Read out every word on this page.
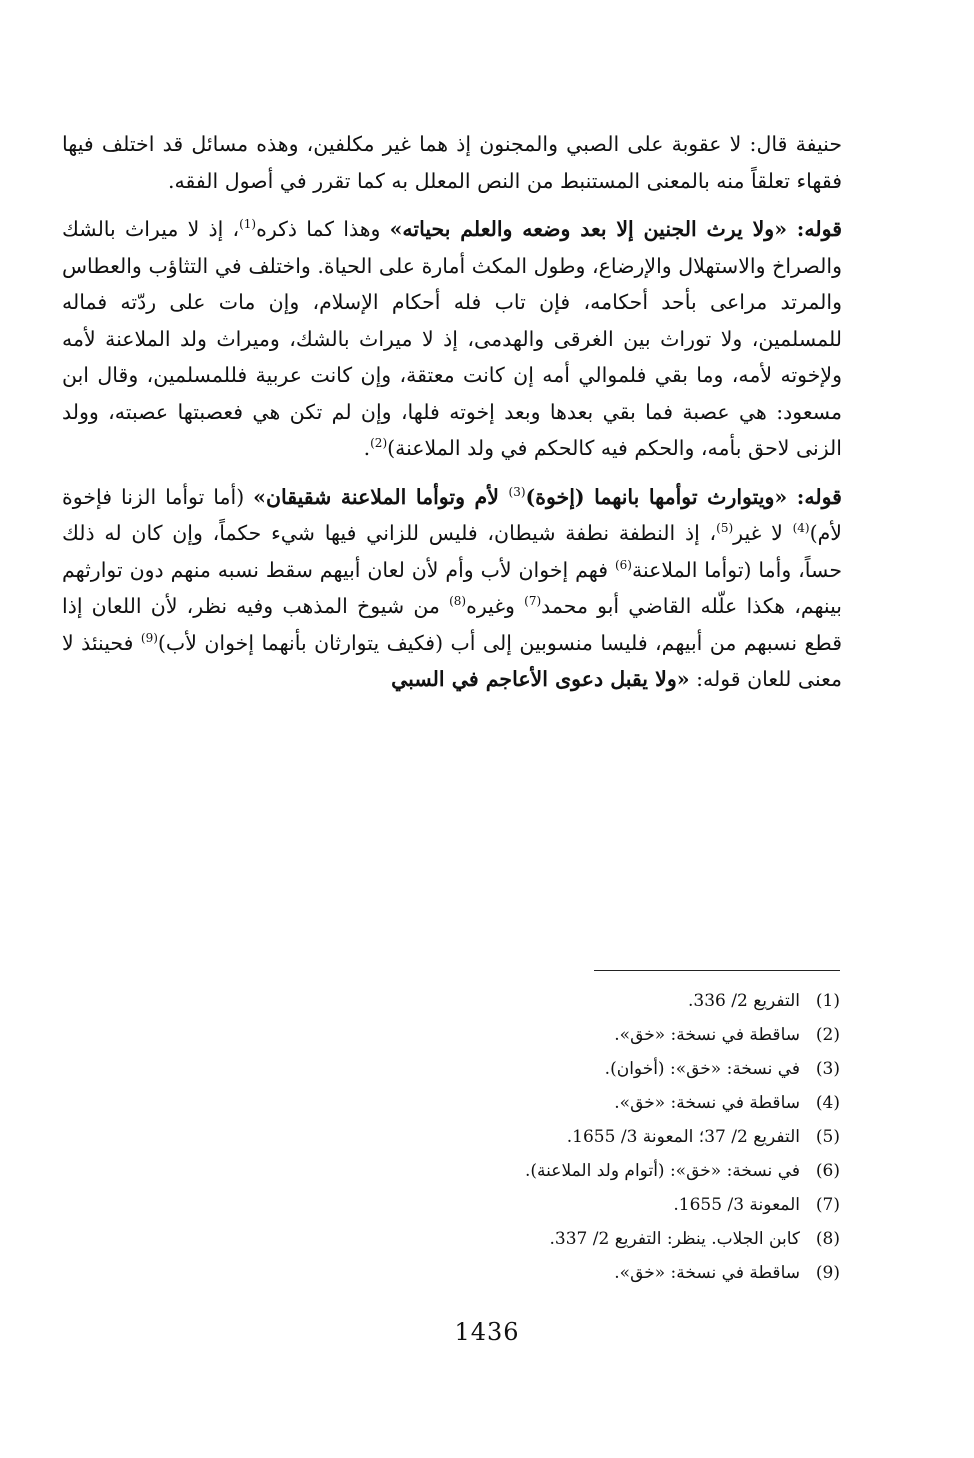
حنيفة قال: لا عقوبة على الصبي والمجنون إذ هما غير مكلفين، وهذه مسائل قد اختلف فيها فقهاء تعلقاً منه بالمعنى المستنبط من النص المعلل به كما تقرر في أصول الفقه.

قوله: «ولا يرث الجنين إلا بعد وضعه والعلم بحياته» وهذا كما ذكره$^{(1)}$، إذ لا ميراث بالشك والصراخ والاستهلال والإرضاع، وطول المكث أمارة على الحياة. واختلف في التثاؤب والعطاس والمرتد مراعى بأحد أحكامه، فإن تاب فله أحكام الإسلام، وإن مات على ردّته فماله للمسلمين، ولا توراث بين الغرقى والهدمى، إذ لا ميراث بالشك، وميراث ولد الملاعنة لأمه ولإخوته لأمه، وما بقي فلموالي أمه إن كانت معتقة، وإن كانت عربية فللمسلمين، وقال ابن مسعود: هي عصبة فما بقي بعدها وبعد إخوته فلها، وإن لم تكن هي فعصبتها عصبته، وولد الزنى لاحق بأمه، والحكم فيه كالحكم في ولد الملاعنة)$^{(2)}$.

قوله: «ويتوارث توأمها بانهما (إخوة)$^{(3)}$ لأم وتوأما الملاعنة شقيقان» (أما توأما الزنا فإخوة لأم)$^{(4)}$ لا غير$^{(5)}$، إذ النطفة نطفة شيطان، فليس للزاني فيها شيء حكماً، وإن كان له ذلك حساً، وأما (توأما الملاعنة$^{(6)}$ فهم إخوان لأب وأم لأن لعان أبيهم سقط نسبه منهم دون توارثهم بينهم، هكذا علّله القاضي أبو محمد$^{(7)}$ وغيره$^{(8)}$ من شيوخ المذهب وفيه نظر، لأن اللعان إذا قطع نسبهم من أبيهم، فليسا منسوبين إلى أب (فكيف يتوارثان بأنهما إخوان لأب)$^{(9)}$ فحينئذ لا معنى للعان قوله: «ولا يقبل دعوى الأعاجم في السبي

(1)التفريع 2/ 336.
(2)ساقطة في نسخة: «خق».
(3)في نسخة: «خق»: (أخوان).
(4)ساقطة في نسخة: «خق».
(5)التفريع 2/ 37؛ المعونة 3/ 1655.
(6)في نسخة: «خق»: (أتوام ولد الملاعنة).
(7)المعونة 3/ 1655.
(8)كابن الجلاب. ينظر: التفريع 2/ 337.
(9)ساقطة في نسخة: «خق».
1436
